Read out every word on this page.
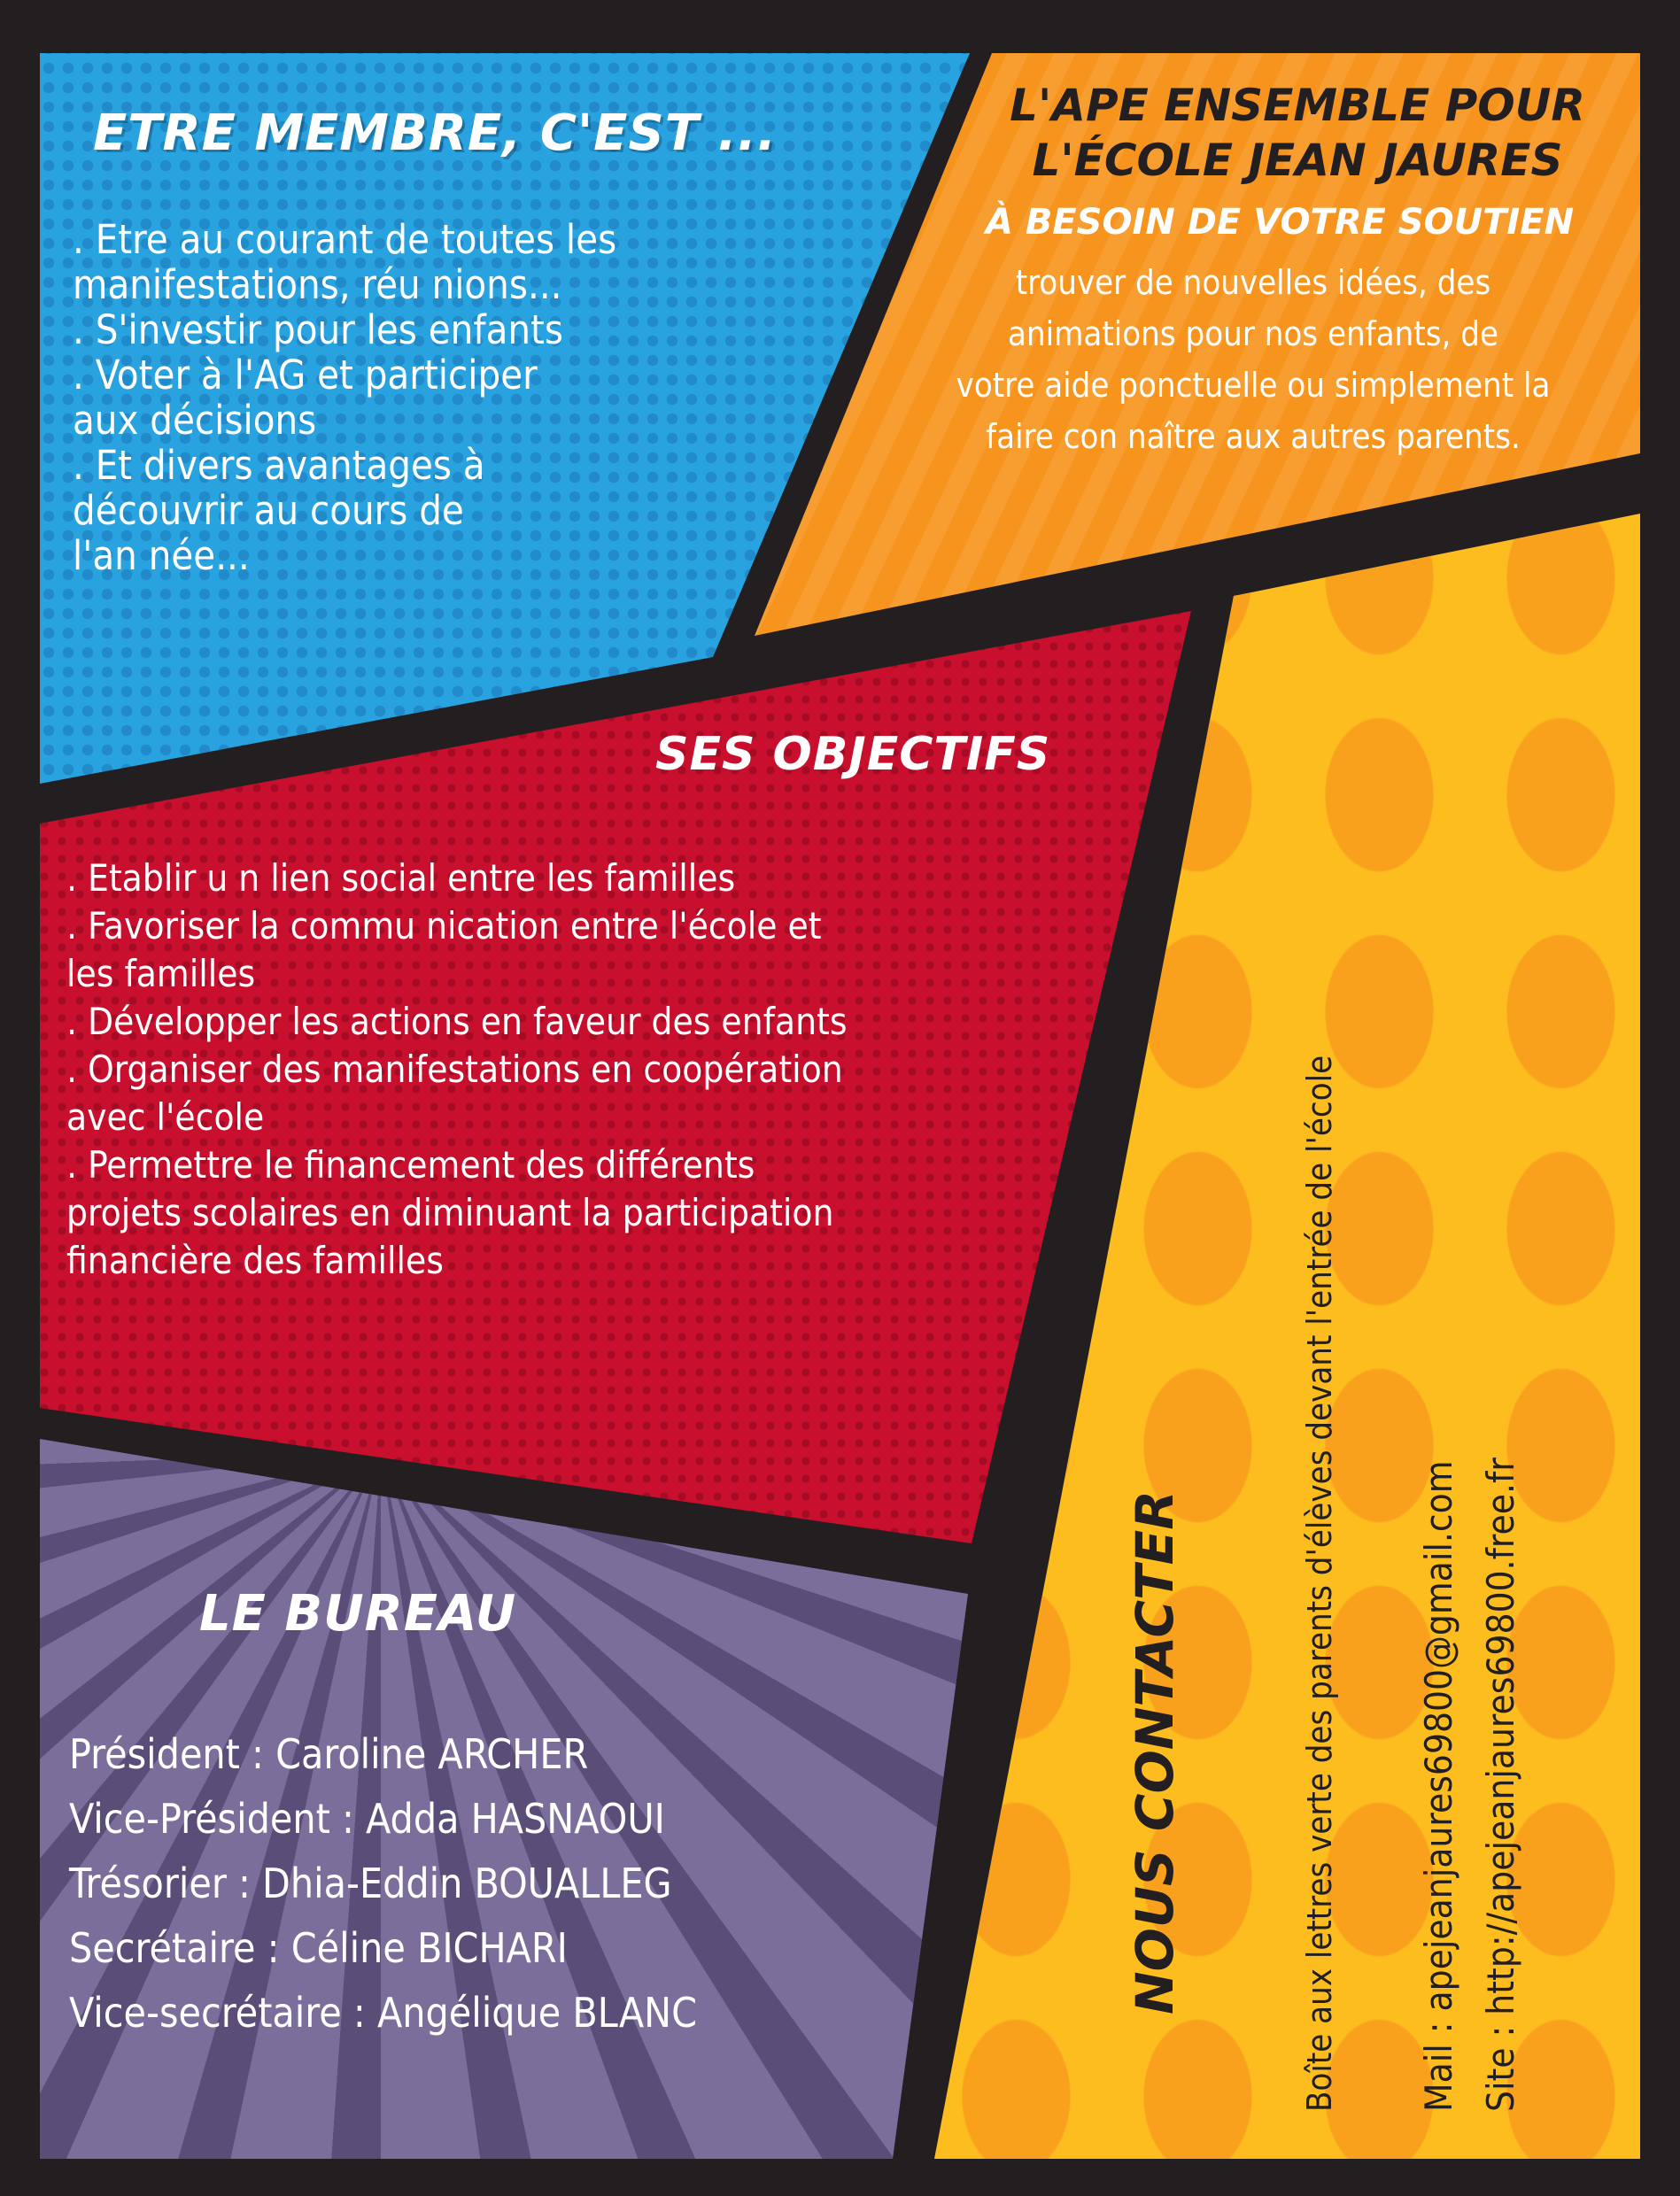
ETRE MEMBRE, C'EST ...
. Etre au courant de toutes les
manifestations, réu nions...
. S'investir pour les enfants
. Voter à l'AG et participer
aux décisions
. Et divers avantages à
découvrir au cours de
l'an née...
L'APE ENSEMBLE POUR
L'ÉCOLE JEAN JAURES
À BESOIN DE VOTRE SOUTIEN
trouver de nouvelles idées, des
animations pour nos enfants, de
votre aide ponctuelle ou simplement la
faire con naître aux autres parents.
SES OBJECTIFS
. Etablir u n lien social entre les familles
. Favoriser la commu nication entre l'école et
les familles
. Développer les actions en faveur des enfants
. Organiser des manifestations en coopération
avec l'école
. Permettre le financement des différents
projets scolaires en diminuant la participation
financière des familles
LE BUREAU
Président : Caroline ARCHER
Vice-Président : Adda HASNAOUI
Trésorier : Dhia-Eddin BOUALLEG
Secrétaire : Céline BICHARI
Vice-secrétaire : Angélique BLANC	NOUS CONTACTER	Boîte aux lettres verte des parents d'élèves devant l'entrée de l'école Mail : apejeanjaures69800@gmail.com Site : http://apejeanjaures69800.free.fr
